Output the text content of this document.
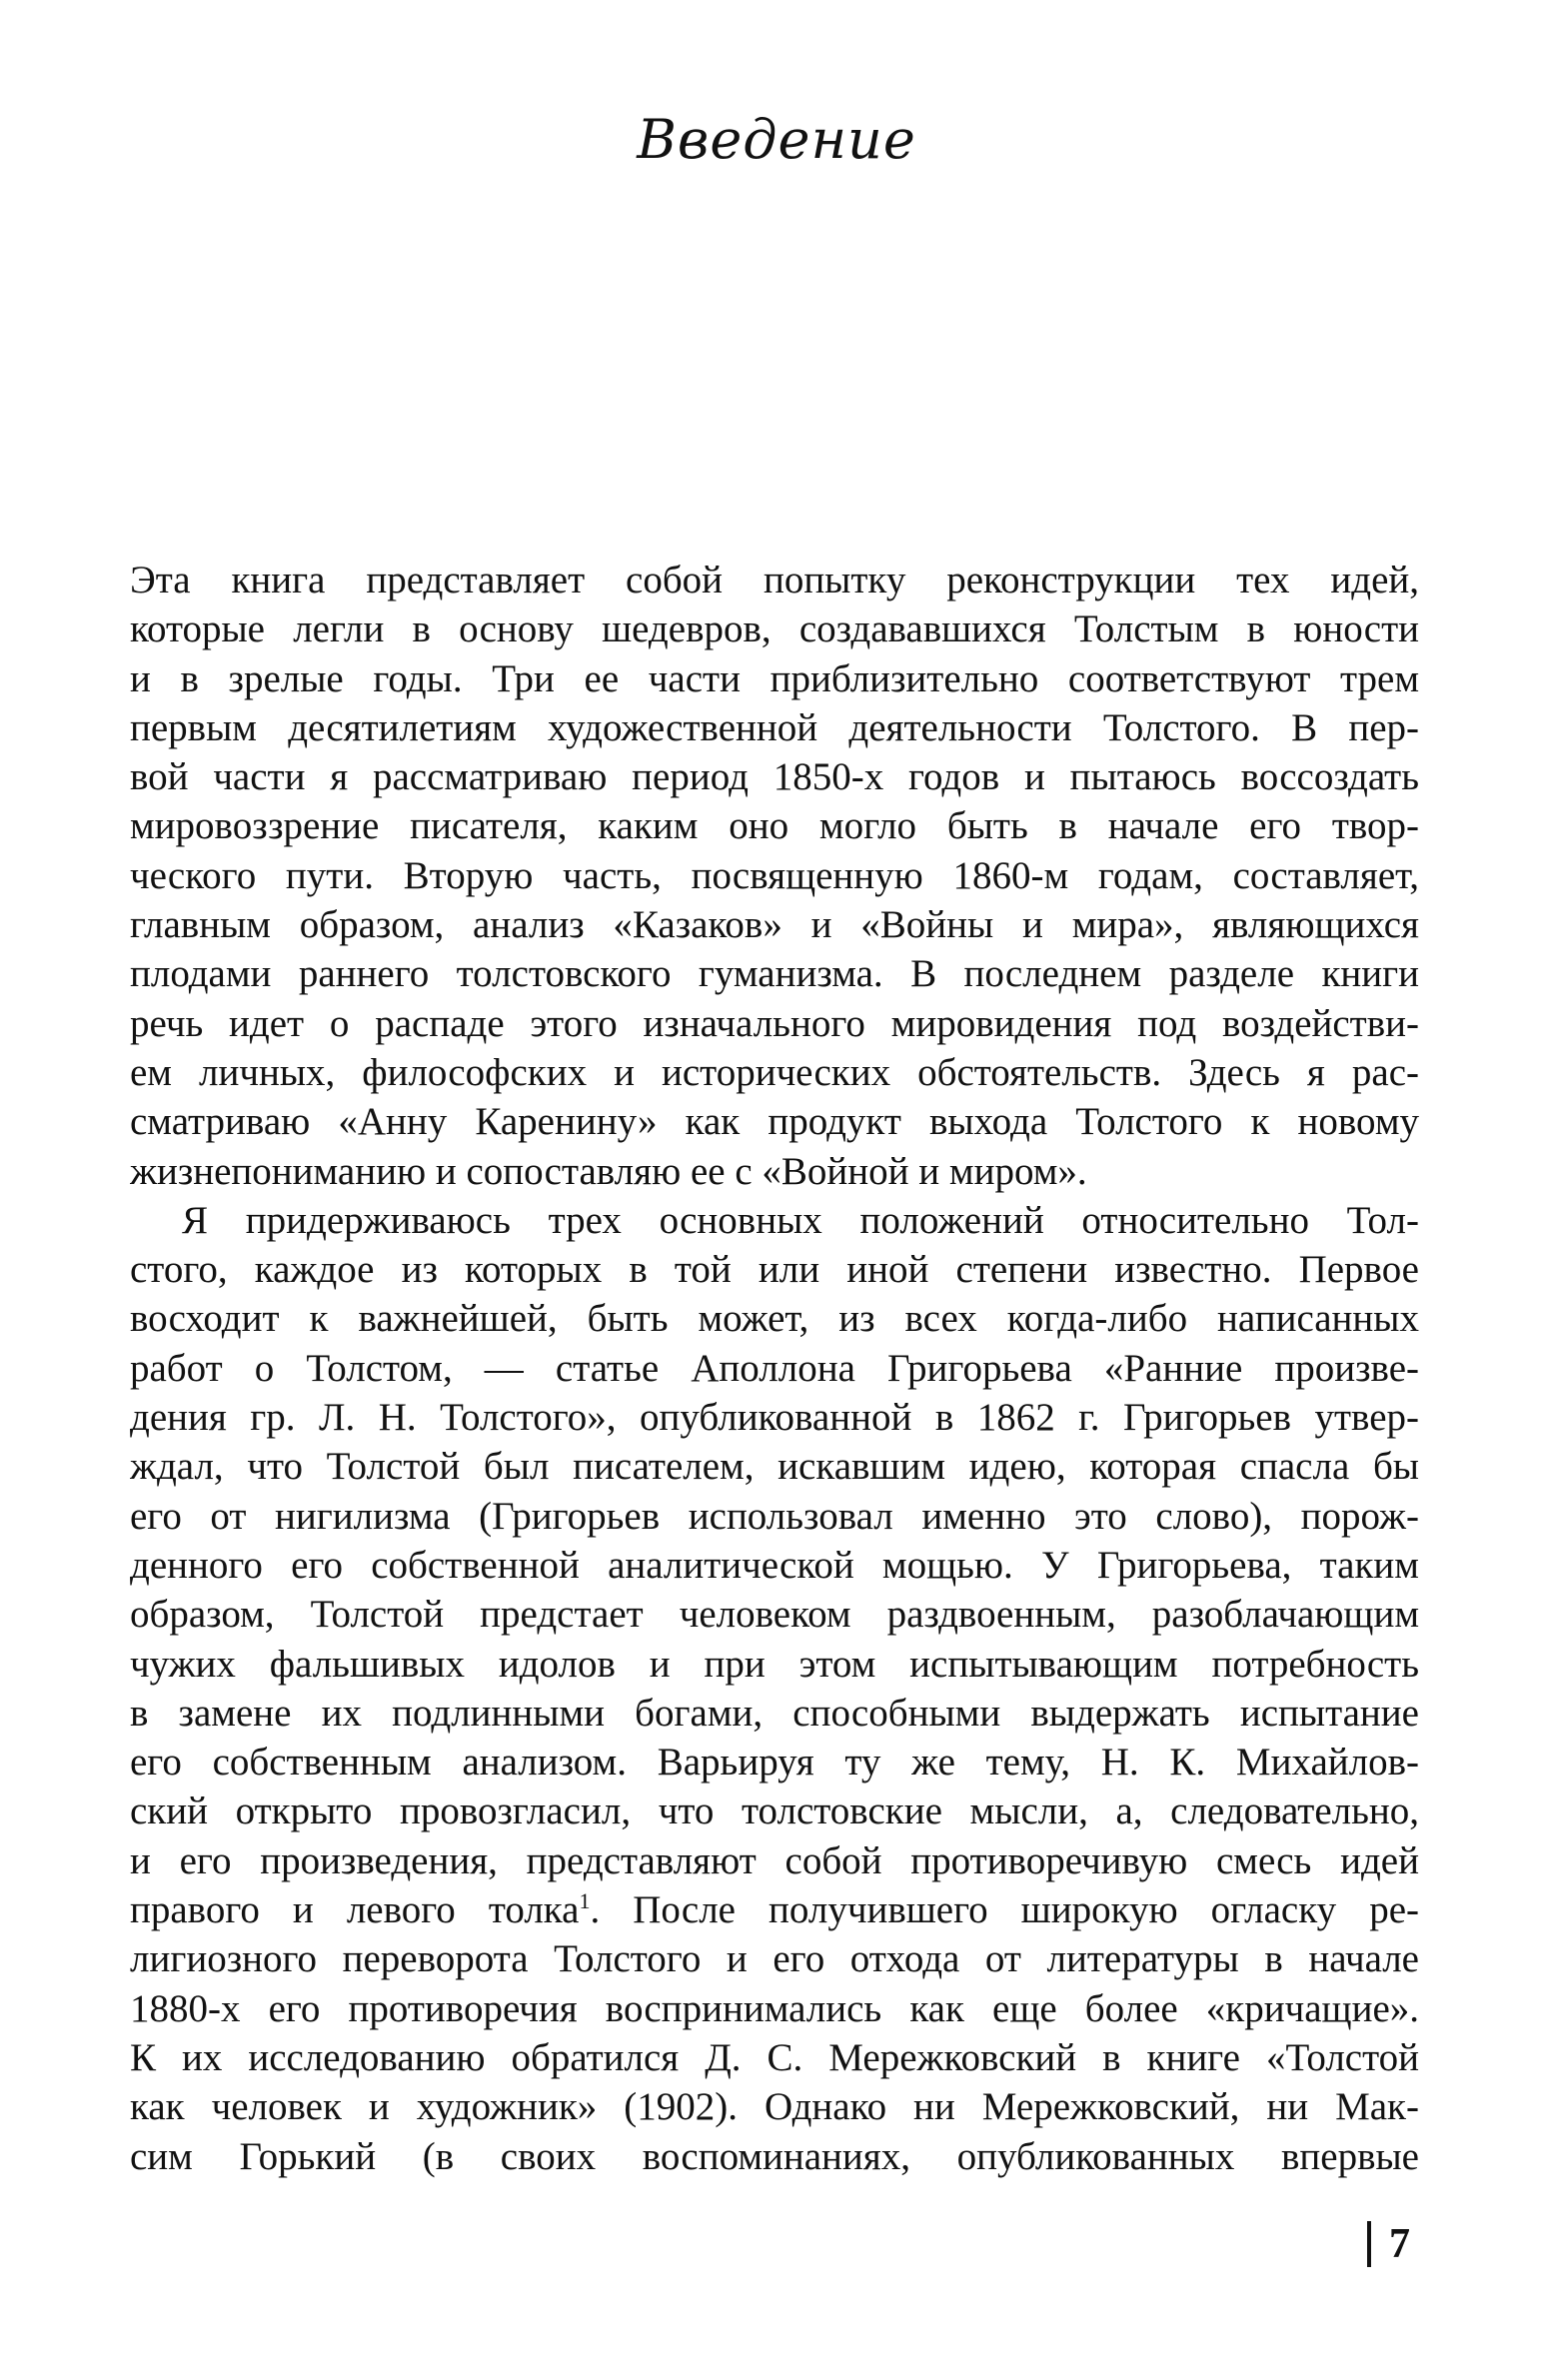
Введение
Эта книга представляет собой попытку реконструкции тех идей,
которые легли в основу шедевров, создававшихся Толстым в юности
и в зрелые годы. Три ее части приблизительно соответствуют трем
первым десятилетиям художественной деятельности Толстого. В пер-
вой части я рассматриваю период 1850-х годов и пытаюсь воссоздать
мировоззрение писателя, каким оно могло быть в начале его твор-
ческого пути. Вторую часть, посвященную 1860-м годам, составляет,
главным образом, анализ «Казаков» и «Войны и мира», являющихся
плодами раннего толстовского гуманизма. В последнем разделе книги
речь идет о распаде этого изначального мировидения под воздействи-
ем личных, философских и исторических обстоятельств. Здесь я рас-
сматриваю «Анну Каренину» как продукт выхода Толстого к новому
жизнепониманию и сопоставляю ее с «Войной и миром».
Я придерживаюсь трех основных положений относительно Тол-
стого, каждое из которых в той или иной степени известно. Первое
восходит к важнейшей, быть может, из всех когда-либо написанных
работ о Толстом, — статье Аполлона Григорьева «Ранние произве-
дения гр. Л. Н. Толстого», опубликованной в 1862 г. Григорьев утвер-
ждал, что Толстой был писателем, искавшим идею, которая спасла бы
его от нигилизма (Григорьев использовал именно это слово), порож-
денного его собственной аналитической мощью. У Григорьева, таким
образом, Толстой предстает человеком раздвоенным, разоблачающим
чужих фальшивых идолов и при этом испытывающим потребность
в замене их подлинными богами, способными выдержать испытание
его собственным анализом. Варьируя ту же тему, Н. К. Михайлов-
ский открыто провозгласил, что толстовские мысли, а, следовательно,
и его произведения, представляют собой противоречивую смесь идей
правого и левого толка$^1$. После получившего широкую огласку ре-
лигиозного переворота Толстого и его отхода от литературы в начале
1880-х его противоречия воспринимались как еще более «кричащие».
К их исследованию обратился Д. С. Мережковский в книге «Толстой
как человек и художник» (1902). Однако ни Мережковский, ни Мак-
сим Горький (в своих воспоминаниях, опубликованных впервые
7
